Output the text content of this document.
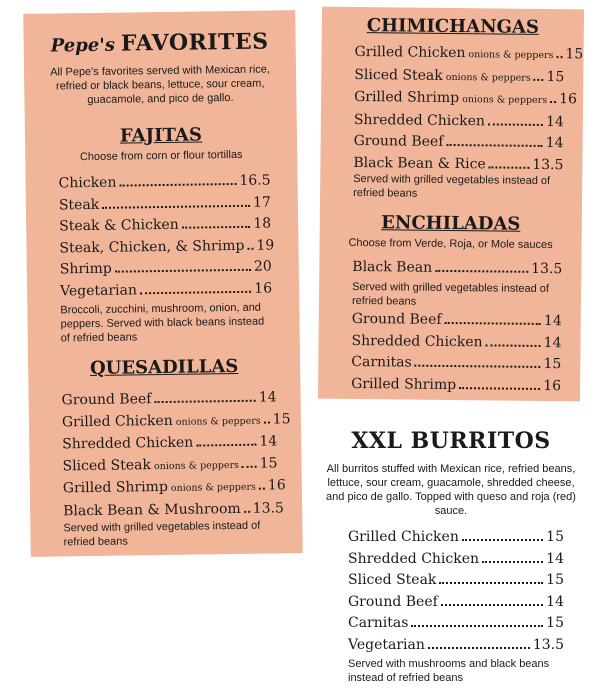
Pepe's FAVORITES

All Pepe's favorites served with Mexican rice, refried or black beans, lettuce, sour cream, guacamole, and pico de gallo.

FAJITAS

Choose from corn or flour tortillas

Chicken	16.5
Steak	17
Steak & Chicken	18
Steak, Chicken, & Shrimp 19
Shrimp	20
Vegetarian	16

Broccoli, zucchini, mushroom, onion, and peppers. Served with black beans instead of refried beans

QUESADILLAS

Ground Beef	14
Grilled Chicken onions & peppers 15
Shredded Chicken	14
Sliced Steak onions & peppers 15
Grilled Shrimp onions & peppers 16
Black Bean & Mushroom 13.5

Served with grilled vegetables instead of refried beans

CHIMICHANGAS

Grilled Chicken onions & peppers 15
Sliced Steak onions & peppers 15
Grilled Shrimp onions & peppers 16
Shredded Chicken	14
Ground Beef	14
Black Bean & Rice	13.5

Served with grilled vegetables instead of refried beans

ENCHILADAS

Choose from Verde, Roja, or Mole sauces

Black Bean	13.5

Served with grilled vegetables instead of refried beans

Ground Beef	14
Shredded Chicken	14
Carnitas	15
Grilled Shrimp	16
XXL BURRITOS

All burritos stuffed with Mexican rice, refried beans, lettuce, sour cream, guacamole, shredded cheese, and pico de gallo. Topped with queso and roja (red) sauce.

Grilled Chicken	15
Shredded Chicken	14
Sliced Steak	15
Ground Beef	14
Carnitas	15
Vegetarian	13.5

Served with mushrooms and black beans instead of refried beans
